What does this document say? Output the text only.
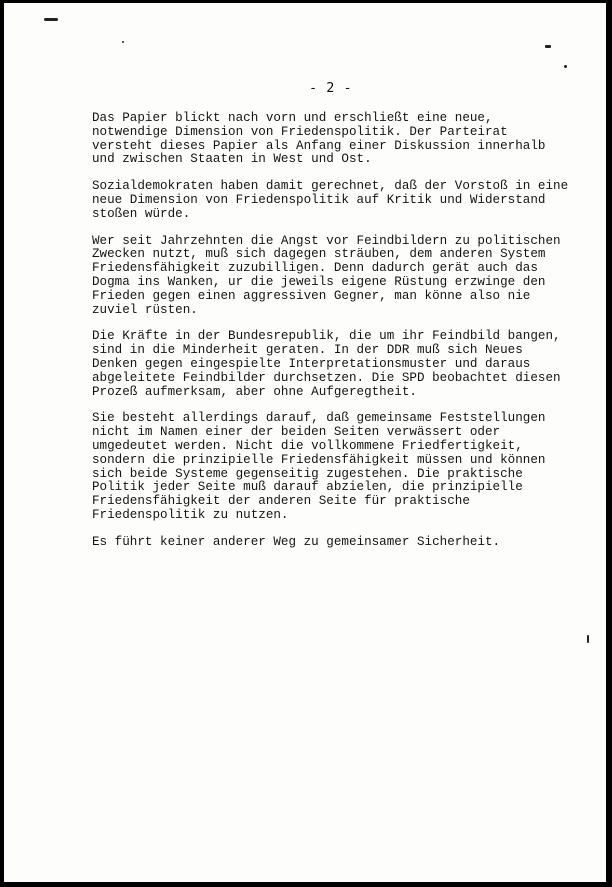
- 2 -

Das Papier blickt nach vorn und erschließt eine neue,
notwendige Dimension von Friedenspolitik. Der Parteirat
versteht dieses Papier als Anfang einer Diskussion innerhalb
und zwischen Staaten in West und Ost.

Sozialdemokraten haben damit gerechnet, daß der Vorstoß in eine
neue Dimension von Friedenspolitik auf Kritik und Widerstand
stoßen würde.

Wer seit Jahrzehnten die Angst vor Feindbildern zu politischen
Zwecken nutzt, muß sich dagegen sträuben, dem anderen System
Friedensfähigkeit zuzubilligen. Denn dadurch gerät auch das
Dogma ins Wanken, ur die jeweils eigene Rüstung erzwinge den
Frieden gegen einen aggressiven Gegner, man könne also nie
zuviel rüsten.

Die Kräfte in der Bundesrepublik, die um ihr Feindbild bangen,
sind in die Minderheit geraten. In der DDR muß sich Neues
Denken gegen eingespielte Interpretationsmuster und daraus
abgeleitete Feindbilder durchsetzen. Die SPD beobachtet diesen
Prozeß aufmerksam, aber ohne Aufgeregtheit.

Sie besteht allerdings darauf, daß gemeinsame Feststellungen
nicht im Namen einer der beiden Seiten verwässert oder
umgedeutet werden. Nicht die vollkommene Friedfertigkeit,
sondern die prinzipielle Friedensfähigkeit müssen und können
sich beide Systeme gegenseitig zugestehen. Die praktische
Politik jeder Seite muß darauf abzielen, die prinzipielle
Friedensfähigkeit der anderen Seite für praktische
Friedenspolitik zu nutzen.

Es führt keiner anderer Weg zu gemeinsamer Sicherheit.
